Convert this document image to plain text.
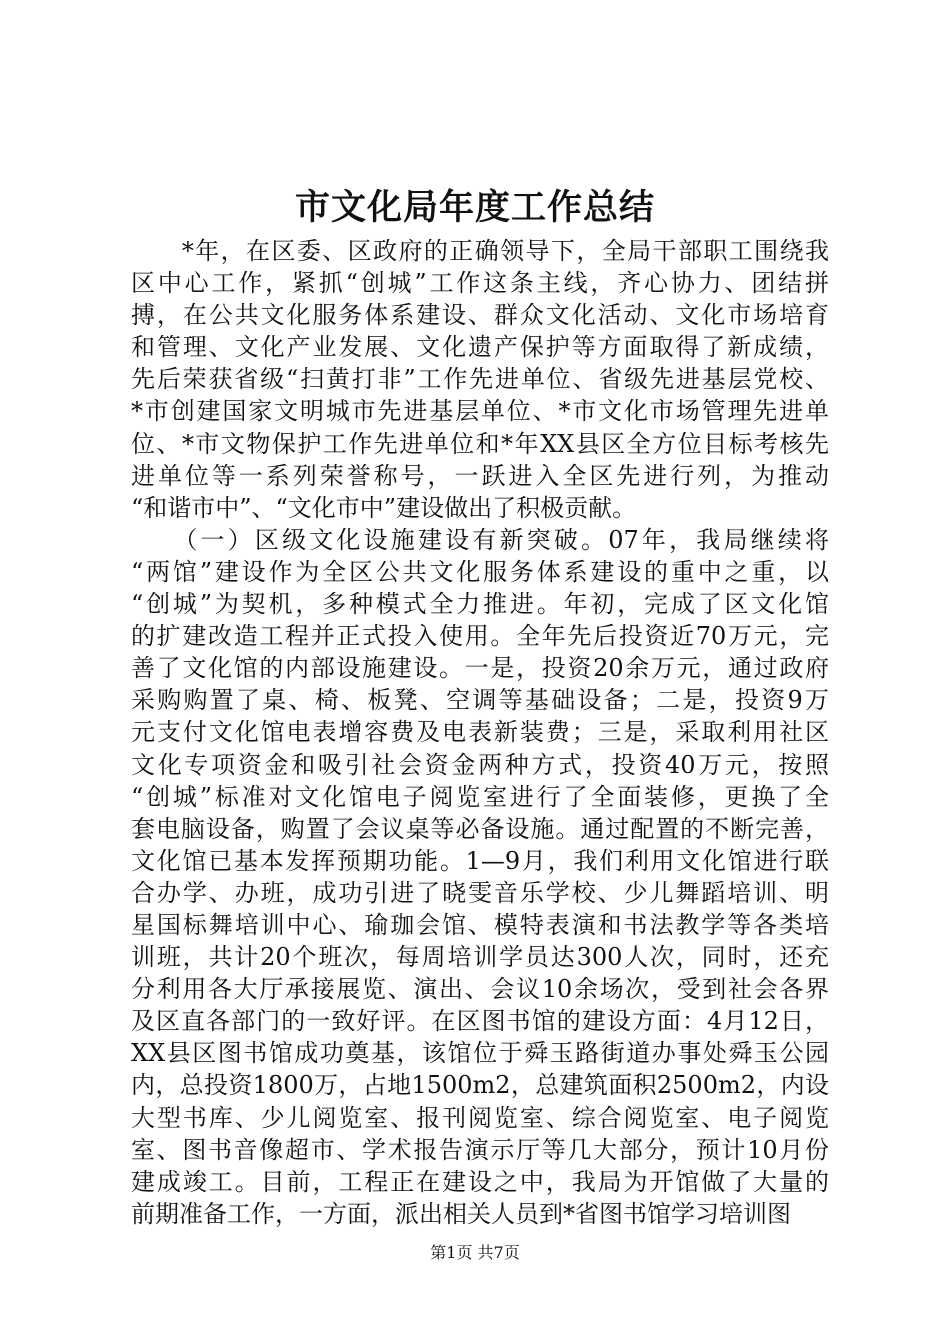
市文化局年度工作总结
　　*年，在区委、区政府的正确领导下，全局干部职工围绕我
区中心工作，紧抓“创城”工作这条主线，齐心协力、团结拼
搏，在公共文化服务体系建设、群众文化活动、文化市场培育
和管理、文化产业发展、文化遗产保护等方面取得了新成绩，
先后荣获省级“扫黄打非”工作先进单位、省级先进基层党校、
*市创建国家文明城市先进基层单位、*市文化市场管理先进单
位、*市文物保护工作先进单位和*年XX县区全方位目标考核先
进单位等一系列荣誉称号，一跃进入全区先进行列，为推动
“和谐市中”、“文化市中”建设做出了积极贡献。
　　（一）区级文化设施建设有新突破。07年，我局继续将
“两馆”建设作为全区公共文化服务体系建设的重中之重，以
“创城”为契机，多种模式全力推进。年初，完成了区文化馆
的扩建改造工程并正式投入使用。全年先后投资近70万元，完
善了文化馆的内部设施建设。一是，投资20余万元，通过政府
采购购置了桌、椅、板凳、空调等基础设备；二是，投资9万
元支付文化馆电表增容费及电表新装费；三是，采取利用社区
文化专项资金和吸引社会资金两种方式，投资40万元，按照
“创城”标准对文化馆电子阅览室进行了全面装修，更换了全
套电脑设备，购置了会议桌等必备设施。通过配置的不断完善，
文化馆已基本发挥预期功能。1—9月，我们利用文化馆进行联
合办学、办班，成功引进了晓雯音乐学校、少儿舞蹈培训、明
星国标舞培训中心、瑜珈会馆、模特表演和书法教学等各类培
训班，共计20个班次，每周培训学员达300人次，同时，还充
分利用各大厅承接展览、演出、会议10余场次，受到社会各界
及区直各部门的一致好评。在区图书馆的建设方面：4月12日，
XX县区图书馆成功奠基，该馆位于舜玉路街道办事处舜玉公园
内，总投资1800万，占地1500m2，总建筑面积2500m2，内设
大型书库、少儿阅览室、报刊阅览室、综合阅览室、电子阅览
室、图书音像超市、学术报告演示厅等几大部分，预计10月份
建成竣工。目前，工程正在建设之中，我局为开馆做了大量的
前期准备工作，一方面，派出相关人员到*省图书馆学习培训图
第1页 共7页
